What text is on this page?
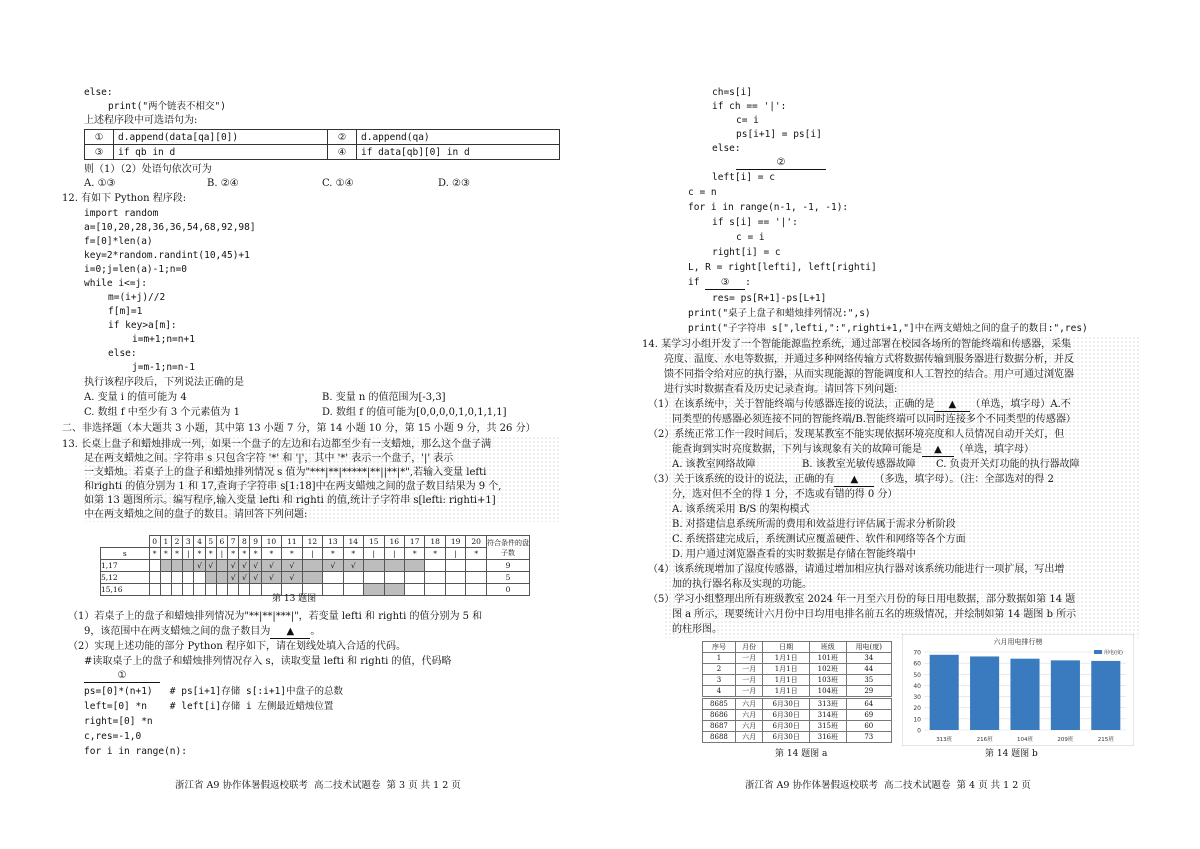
else:
print("两个链表不相交")
上述程序段中可选语句为:
①	d.append(data[qa][0])	②	d.append(qa)
③	if qb in d	④	if data[qb][0] in d
则（1）（2）处语句依次可为
A. ①③	B. ②④	C. ①④	D. ②③
12. 有如下 Python 程序段:
import random
a=[10,20,28,36,36,54,68,92,98]
f=[0]*len(a)
key=2*random.randint(10,45)+1
i=0;j=len(a)-1;n=0
while i<=j:
m=(i+j)//2
f[m]=1
if key>a[m]:
i=m+1;n=n+1
else:
j=m-1;n=n-1
执行该程序段后，下列说法正确的是
A. 变量 i 的值可能为 4	B. 变量 n 的值范围为[-3,3]
C. 数组 f 中至少有 3 个元素值为 1	D. 数组 f 的值可能为[0,0,0,0,1,0,1,1,1]
二、非选择题（本大题共 3 小题，其中第 13 小题 7 分，第 14 小题 10 分，第 15 小题 9 分，共 26 分）
13. 长桌上盘子和蜡烛排成一列，如果一个盘子的左边和右边都至少有一支蜡烛，那么这个盘子满
足在两支蜡烛之间。字符串 s 只包含字符 '*' 和 '|'，其中 '*' 表示一个盘子，'|' 表示
一支蜡烛。若桌子上的盘子和蜡烛排列情况 s 值为"***|**|*****|**||**|*",若输入变量 lefti
和righti 的值分别为 1 和 17,查询子字符串 s[1:18]中在两支蜡烛之间的盘子数目结果为 9 个,
如第 13 题图所示。编写程序,输入变量 lefti 和 righti 的值,统计子字符串 s[lefti: righti+1]
中在两支蜡烛之间的盘子的数目。请回答下列问题:
	0	1	2	3	4	5	6	7	8	9	10	11	12	13	14	15	16	17	18	19	20	符合条件的盘子数
s	*	*	*	|	*	*	|	*	*	*	*	*	|	*	*	|	|	*	*	|	*	
1,17					√	√		√	√	√	√	√		√	√							9
5,12								√	√	√	√	√										5
15,16																						0
第 13 题图
（1）若桌子上的盘子和蜡烛排列情况为"**|**|***|"，若变量 lefti 和 righti 的值分别为 5 和
9，该范围中在两支蜡烛之间的盘子数目为 ▲ 。
（2）实现上述功能的部分 Python 程序如下，请在划线处填入合适的代码。
#读取桌子上的盘子和蜡烛排列情况存入 s，读取变量 lefti 和 righti 的值，代码略
①
ps=[0]*(n+1)   # ps[i+1]存储 s[:i+1]中盘子的总数
left=[0] *n    # left[i]存储 i 左侧最近蜡烛位置
right=[0] *n
c,res=-1,0
for i in range(n):
浙江省 A9 协作体暑假返校联考  高二技术试题卷  第 3 页 共 1 2 页
ch=s[i]
if ch == '|':
c= i
ps[i+1] = ps[i]
else:
②
left[i] = c
c = n
for i in range(n-1, -1, -1):
if s[i] == '|':
c = i
right[i] = c
L, R = right[lefti], left[righti]
if ③ :
res= ps[R+1]-ps[L+1]
print("桌子上盘子和蜡烛排列情况:",s)
print("子字符串 s[",lefti,":",righti+1,"]中在两支蜡烛之间的盘子的数目:",res)
14. 某学习小组开发了一个智能能源监控系统，通过部署在校园各场所的智能终端和传感器，采集
亮度、温度、水电等数据，并通过多种网络传输方式将数据传输到服务器进行数据分析，并反
馈不同指令给对应的执行器，从而实现能源的智能调度和人工智控的结合。用户可通过浏览器
进行实时数据查看及历史记录查询。请回答下列问题:
（1）在该系统中，关于智能终端与传感器连接的说法，正确的是 ▲ （单选，填字母）A.不
同类型的传感器必须连接不同的智能终端/B.智能终端可以同时连接多个不同类型的传感器）
（2）系统正常工作一段时间后，发现某教室不能实现依据环境亮度和人员情况自动开关灯，但
能查询到实时亮度数据，下列与该现象有关的故障可能是 ▲ （单选，填字母）
A. 该教室网络故障	B. 该教室光敏传感器故障 C. 负责开关灯功能的执行器故障
（3）关于该系统的设计的说法，正确的有 ▲ （多选，填字母）。（注：全部选对的得 2
分，选对但不全的得 1 分，不选或有错的得 0 分）
A. 该系统采用 B/S 的架构模式
B. 对搭建信息系统所需的费用和效益进行评估属于需求分析阶段
C. 系统搭建完成后，系统测试应覆盖硬件、软件和网络等各个方面
D. 用户通过浏览器查看的实时数据是存储在智能终端中
（4）该系统现增加了湿度传感器，请通过增加相应执行器对该系统功能进行一项扩展，写出增
加的执行器名称及实现的功能。
（5）学习小组整理出所有班级教室 2024 年一月至六月份的每日用电数据，部分数据如第 14 题
图 a 所示，现要统计六月份中日均用电排名前五名的班级情况，并绘制如第 14 题图 b 所示
的柱形图。
序号	月份	日期	班级	用电(度)
1	一月	1月1日	101班	34
2	一月	1月1日	102班	44
3	一月	1月1日	103班	35
4	一月	1月1日	104班	29
8685	六月	6月30日	313班	64
8686	六月	6月30日	314班	69
8687	六月	6月30日	315班	60
8688	六月	6月30日	316班	73
第 14 题图 a
六月用电排行榜
0
10
20
30
40
50
60
70
313班	216班	104班	209班	215班
用电(度)
第 14 题图 b
浙江省 A9 协作体暑假返校联考  高二技术试题卷  第 4 页 共 1 2 页
